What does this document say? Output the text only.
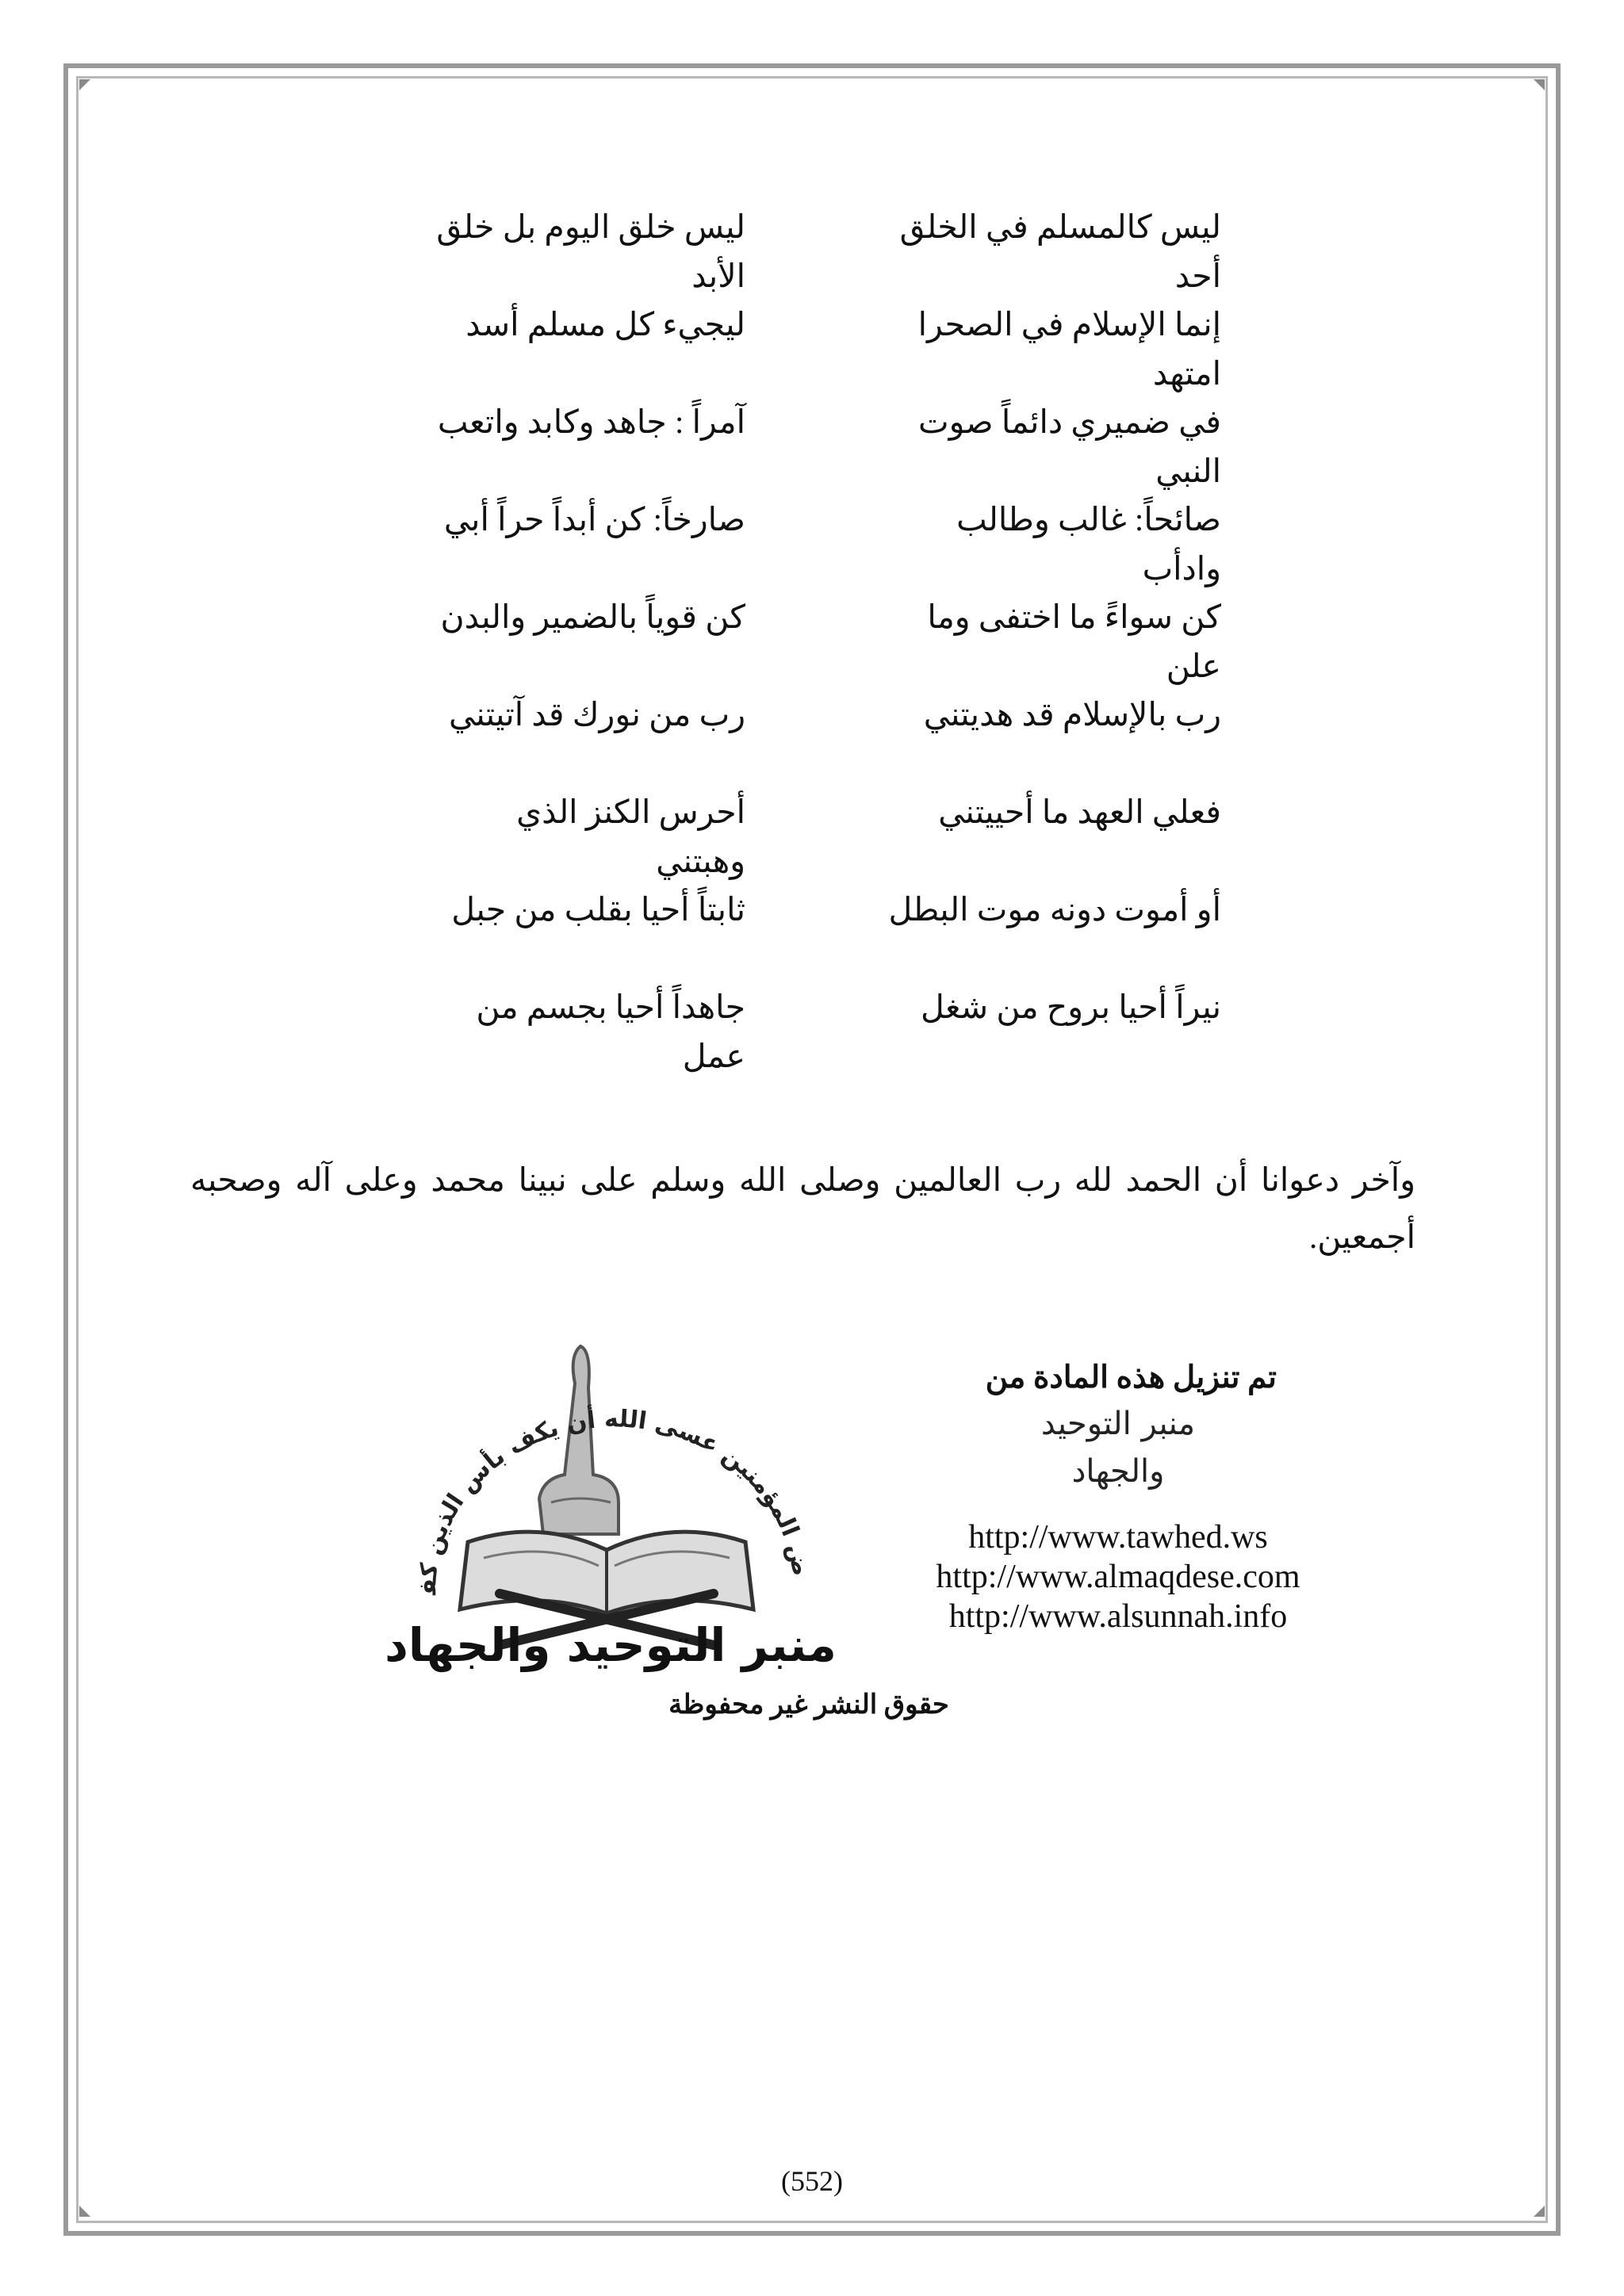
ليس كالمسلم في الخلق أحد
ليس خلق اليوم بل خلق الأبد
إنما الإسلام في الصحرا امتهد
ليجيء كل مسلم أسد
في ضميري دائماً صوت النبي
آمراً : جاهد وكابد واتعب
صائحاً: غالب وطالب وادأب
صارخاً: كن أبداً حراً أبي
كن سواءً ما اختفى وما علن
كن قوياً بالضمير والبدن
رب بالإسلام قد هديتني
رب من نورك قد آتيتني
فعلي العهد ما أحييتني
أحرس الكنز الذي وهبتني
أو أموت دونه موت البطل
ثابتاً أحيا بقلب من جبل
نيراً أحيا بروح من شغل
جاهداً أحيا بجسم من عمل
وآخر دعوانا أن الحمد لله رب العالمين وصلى الله وسلم على نبينا محمد وعلى آله وصحبه أجمعين.
ض المؤمنين عسى الله أن يكف بأس الذين كف
منبر التوحيد والجهاد
تم تنزيل هذه المادة من
منبر التوحيد
والجهاد
http://www.tawhed.ws
http://www.almaqdese.com
http://www.alsunnah.info
حقوق النشر غير محفوظة
(552)
